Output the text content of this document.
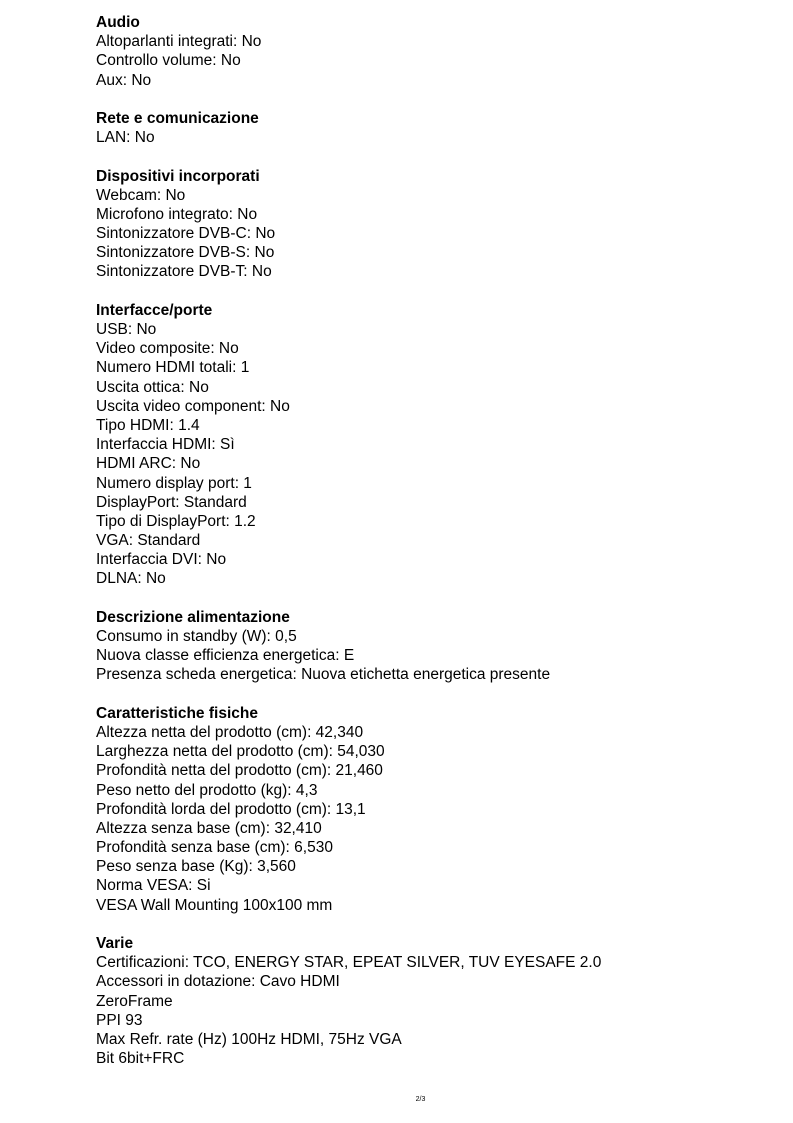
Audio
Altoparlanti integrati: No
Controllo volume: No
Aux: No
Rete e comunicazione
LAN: No
Dispositivi incorporati
Webcam: No
Microfono integrato: No
Sintonizzatore DVB-C: No
Sintonizzatore DVB-S: No
Sintonizzatore DVB-T: No
Interfacce/porte
USB: No
Video composite: No
Numero HDMI totali: 1
Uscita ottica: No
Uscita video component: No
Tipo HDMI: 1.4
Interfaccia HDMI: Sì
HDMI ARC: No
Numero display port: 1
DisplayPort: Standard
Tipo di DisplayPort: 1.2
VGA: Standard
Interfaccia DVI: No
DLNA: No
Descrizione alimentazione
Consumo in standby (W): 0,5
Nuova classe efficienza energetica: E
Presenza scheda energetica: Nuova etichetta energetica presente
Caratteristiche fisiche
Altezza netta del prodotto (cm): 42,340
Larghezza netta del prodotto (cm): 54,030
Profondità netta del prodotto (cm): 21,460
Peso netto del prodotto (kg): 4,3
Profondità lorda del prodotto (cm): 13,1
Altezza senza base (cm): 32,410
Profondità senza base (cm): 6,530
Peso senza base (Kg): 3,560
Norma VESA: Si
VESA Wall Mounting 100x100 mm
Varie
Certificazioni: TCO, ENERGY STAR, EPEAT SILVER, TUV EYESAFE 2.0
Accessori in dotazione: Cavo HDMI
ZeroFrame
PPI 93
Max Refr. rate (Hz) 100Hz HDMI, 75Hz VGA
Bit 6bit+FRC
2/3
